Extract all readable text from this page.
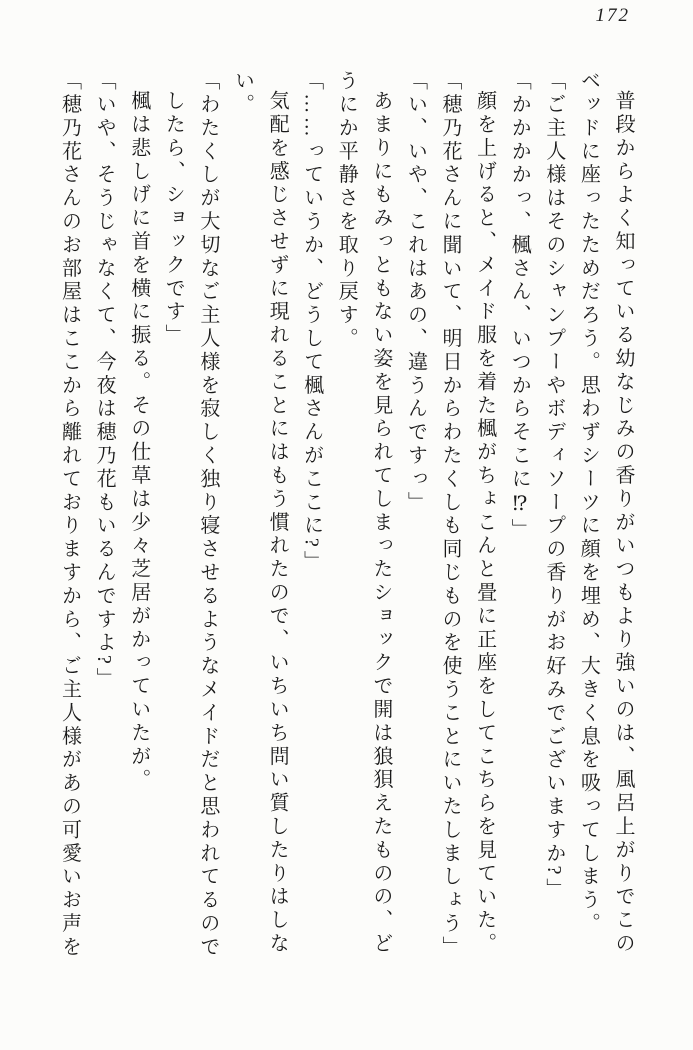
172

普段からよく知っている幼なじみの香りがいつもより強いのは、風呂上がりでこの

ベッドに座ったためだろう。思わずシーツに顔を埋め、大きく息を吸ってしまう。

「ご主人様はそのシャンプーやボディソープの香りがお好みでございますか?」

「かかかかっ、楓さん、いつからそこに⁉」

顔を上げると、メイド服を着た楓がちょこんと畳に正座をしてこちらを見ていた。

「穂乃花さんに聞いて、明日からわたくしも同じものを使うことにいたしましょう」

「い、いや、これはあの、違うんですっ」

あまりにもみっともない姿を見られてしまったショックで開は狼狽えたものの、ど

うにか平静さを取り戻す。

「……っていうか、どうして楓さんがここに?」

気配を感じさせずに現れることにはもう慣れたので、いちいち問い質したりはしな

い。

「わたくしが大切なご主人様を寂しく独り寝させるようなメイドだと思われてるので

したら、ショックです」

楓は悲しげに首を横に振る。その仕草は少々芝居がかっていたが。

「いや、そうじゃなくて、今夜は穂乃花もいるんですよ?」

「穂乃花さんのお部屋はここから離れておりますから、ご主人様があの可愛いお声を
